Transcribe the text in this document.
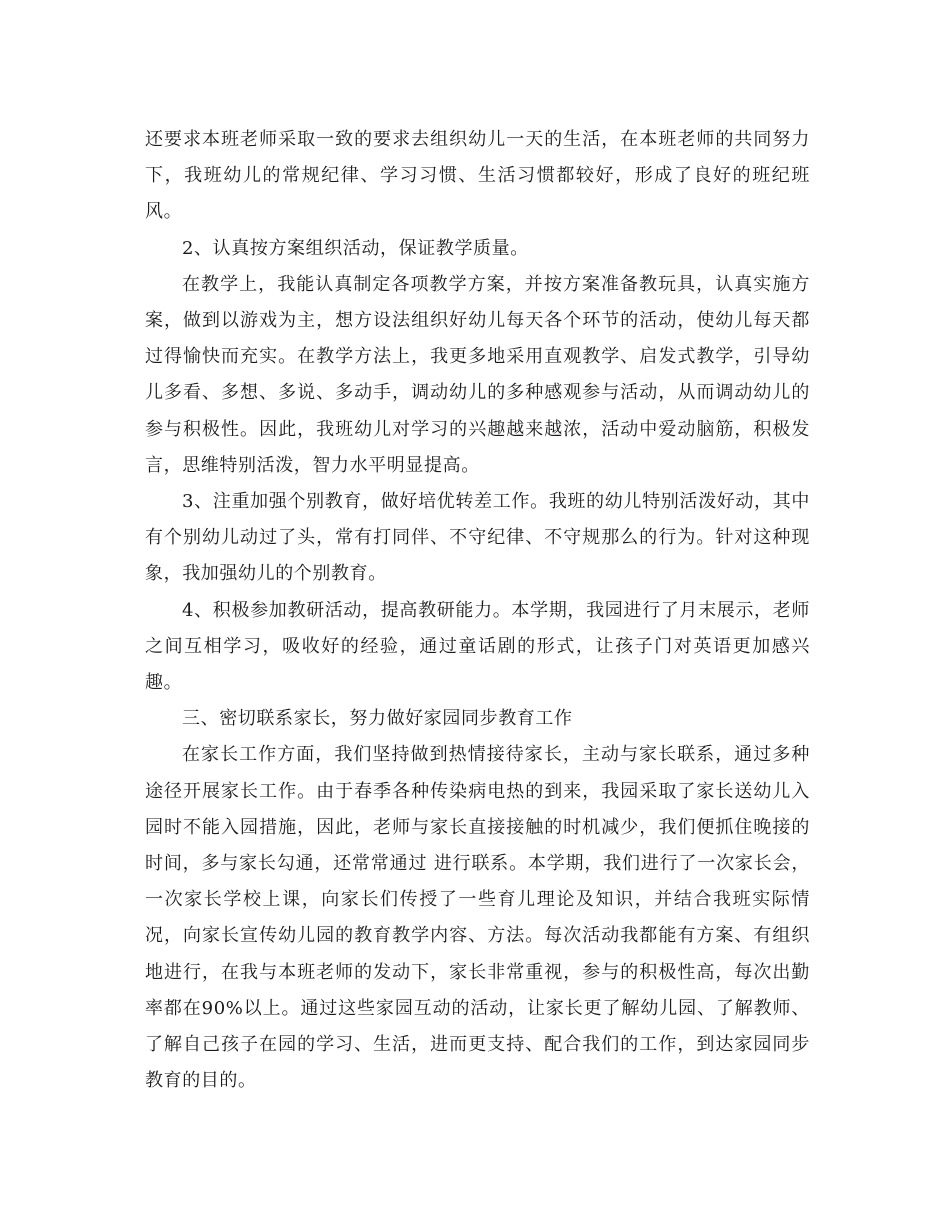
还要求本班老师采取一致的要求去组织幼儿一天的生活，在本班老师的共同努力下，我班幼儿的常规纪律、学习习惯、生活习惯都较好，形成了良好的班纪班风。

2、认真按方案组织活动，保证教学质量。

在教学上，我能认真制定各项教学方案，并按方案准备教玩具，认真实施方案，做到以游戏为主，想方设法组织好幼儿每天各个环节的活动，使幼儿每天都过得愉快而充实。在教学方法上，我更多地采用直观教学、启发式教学，引导幼儿多看、多想、多说、多动手，调动幼儿的多种感观参与活动，从而调动幼儿的参与积极性。因此，我班幼儿对学习的兴趣越来越浓，活动中爱动脑筋，积极发言，思维特别活泼，智力水平明显提高。

3、注重加强个别教育，做好培优转差工作。我班的幼儿特别活泼好动，其中有个别幼儿动过了头，常有打同伴、不守纪律、不守规那么的行为。针对这种现象，我加强幼儿的个别教育。

4、积极参加教研活动，提高教研能力。本学期，我园进行了月末展示，老师之间互相学习，吸收好的经验，通过童话剧的形式，让孩子门对英语更加感兴趣。

三、密切联系家长，努力做好家园同步教育工作

在家长工作方面，我们坚持做到热情接待家长，主动与家长联系，通过多种途径开展家长工作。由于春季各种传染病电热的到来，我园采取了家长送幼儿入园时不能入园措施，因此，老师与家长直接接触的时机减少，我们便抓住晚接的时间，多与家长勾通，还常常通过 进行联系。本学期，我们进行了一次家长会，一次家长学校上课，向家长们传授了一些育儿理论及知识，并结合我班实际情况，向家长宣传幼儿园的教育教学内容、方法。每次活动我都能有方案、有组织地进行，在我与本班老师的发动下，家长非常重视，参与的积极性高，每次出勤率都在90%以上。通过这些家园互动的活动，让家长更了解幼儿园、了解教师、了解自己孩子在园的学习、生活，进而更支持、配合我们的工作，到达家园同步教育的目的。
